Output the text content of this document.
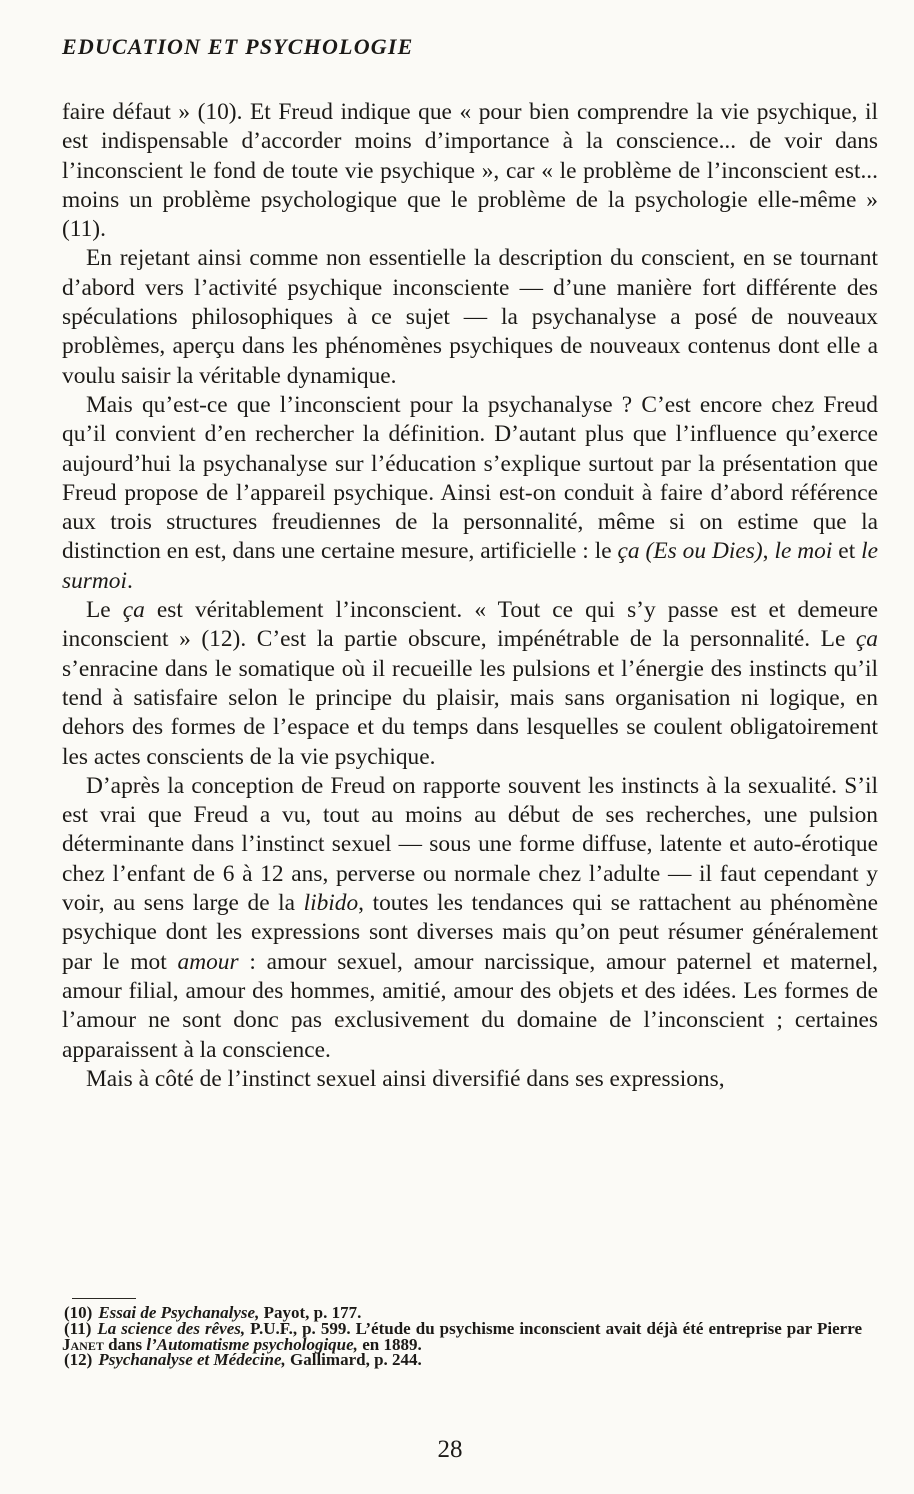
EDUCATION ET PSYCHOLOGIE

faire défaut » (10). Et Freud indique que « pour bien comprendre la vie psychique, il est indispensable d’accorder moins d’importance à la conscience... de voir dans l’inconscient le fond de toute vie psychique », car « le problème de l’inconscient est... moins un problème psychologique que le problème de la psychologie elle-même » (11).

En rejetant ainsi comme non essentielle la description du conscient, en se tournant d’abord vers l’activité psychique inconsciente — d’une manière fort différente des spéculations philosophiques à ce sujet — la psychanalyse a posé de nouveaux problèmes, aperçu dans les phénomènes psychiques de nouveaux contenus dont elle a voulu saisir la véritable dynamique.

Mais qu’est-ce que l’inconscient pour la psychanalyse ? C’est encore chez Freud qu’il convient d’en rechercher la définition. D’autant plus que l’influence qu’exerce aujourd’hui la psychanalyse sur l’éducation s’explique surtout par la présentation que Freud propose de l’appareil psychique. Ainsi est-on conduit à faire d’abord référence aux trois structures freudiennes de la personnalité, même si on estime que la distinction en est, dans une certaine mesure, artificielle : le ça (Es ou Dies), le moi et le surmoi.

Le ça est véritablement l’inconscient. « Tout ce qui s’y passe est et demeure inconscient » (12). C’est la partie obscure, impénétrable de la personnalité. Le ça s’enracine dans le somatique où il recueille les pulsions et l’énergie des instincts qu’il tend à satisfaire selon le principe du plaisir, mais sans organisation ni logique, en dehors des formes de l’espace et du temps dans lesquelles se coulent obligatoirement les actes conscients de la vie psychique.

D’après la conception de Freud on rapporte souvent les instincts à la sexualité. S’il est vrai que Freud a vu, tout au moins au début de ses recherches, une pulsion déterminante dans l’instinct sexuel — sous une forme diffuse, latente et auto-érotique chez l’enfant de 6 à 12 ans, perverse ou normale chez l’adulte — il faut cependant y voir, au sens large de la libido, toutes les tendances qui se rattachent au phénomène psychique dont les expressions sont diverses mais qu’on peut résumer généralement par le mot amour : amour sexuel, amour narcissique, amour paternel et maternel, amour filial, amour des hommes, amitié, amour des objets et des idées. Les formes de l’amour ne sont donc pas exclusivement du domaine de l’inconscient ; certaines apparaissent à la conscience.

Mais à côté de l’instinct sexuel ainsi diversifié dans ses expressions,

(10) Essai de Psychanalyse, Payot, p. 177.

(11) La science des rêves, P.U.F., p. 599. L’étude du psychisme inconscient avait déjà été entreprise par Pierre Janet dans l’Automatisme psychologique, en 1889.

(12) Psychanalyse et Médecine, Gallimard, p. 244.

28
